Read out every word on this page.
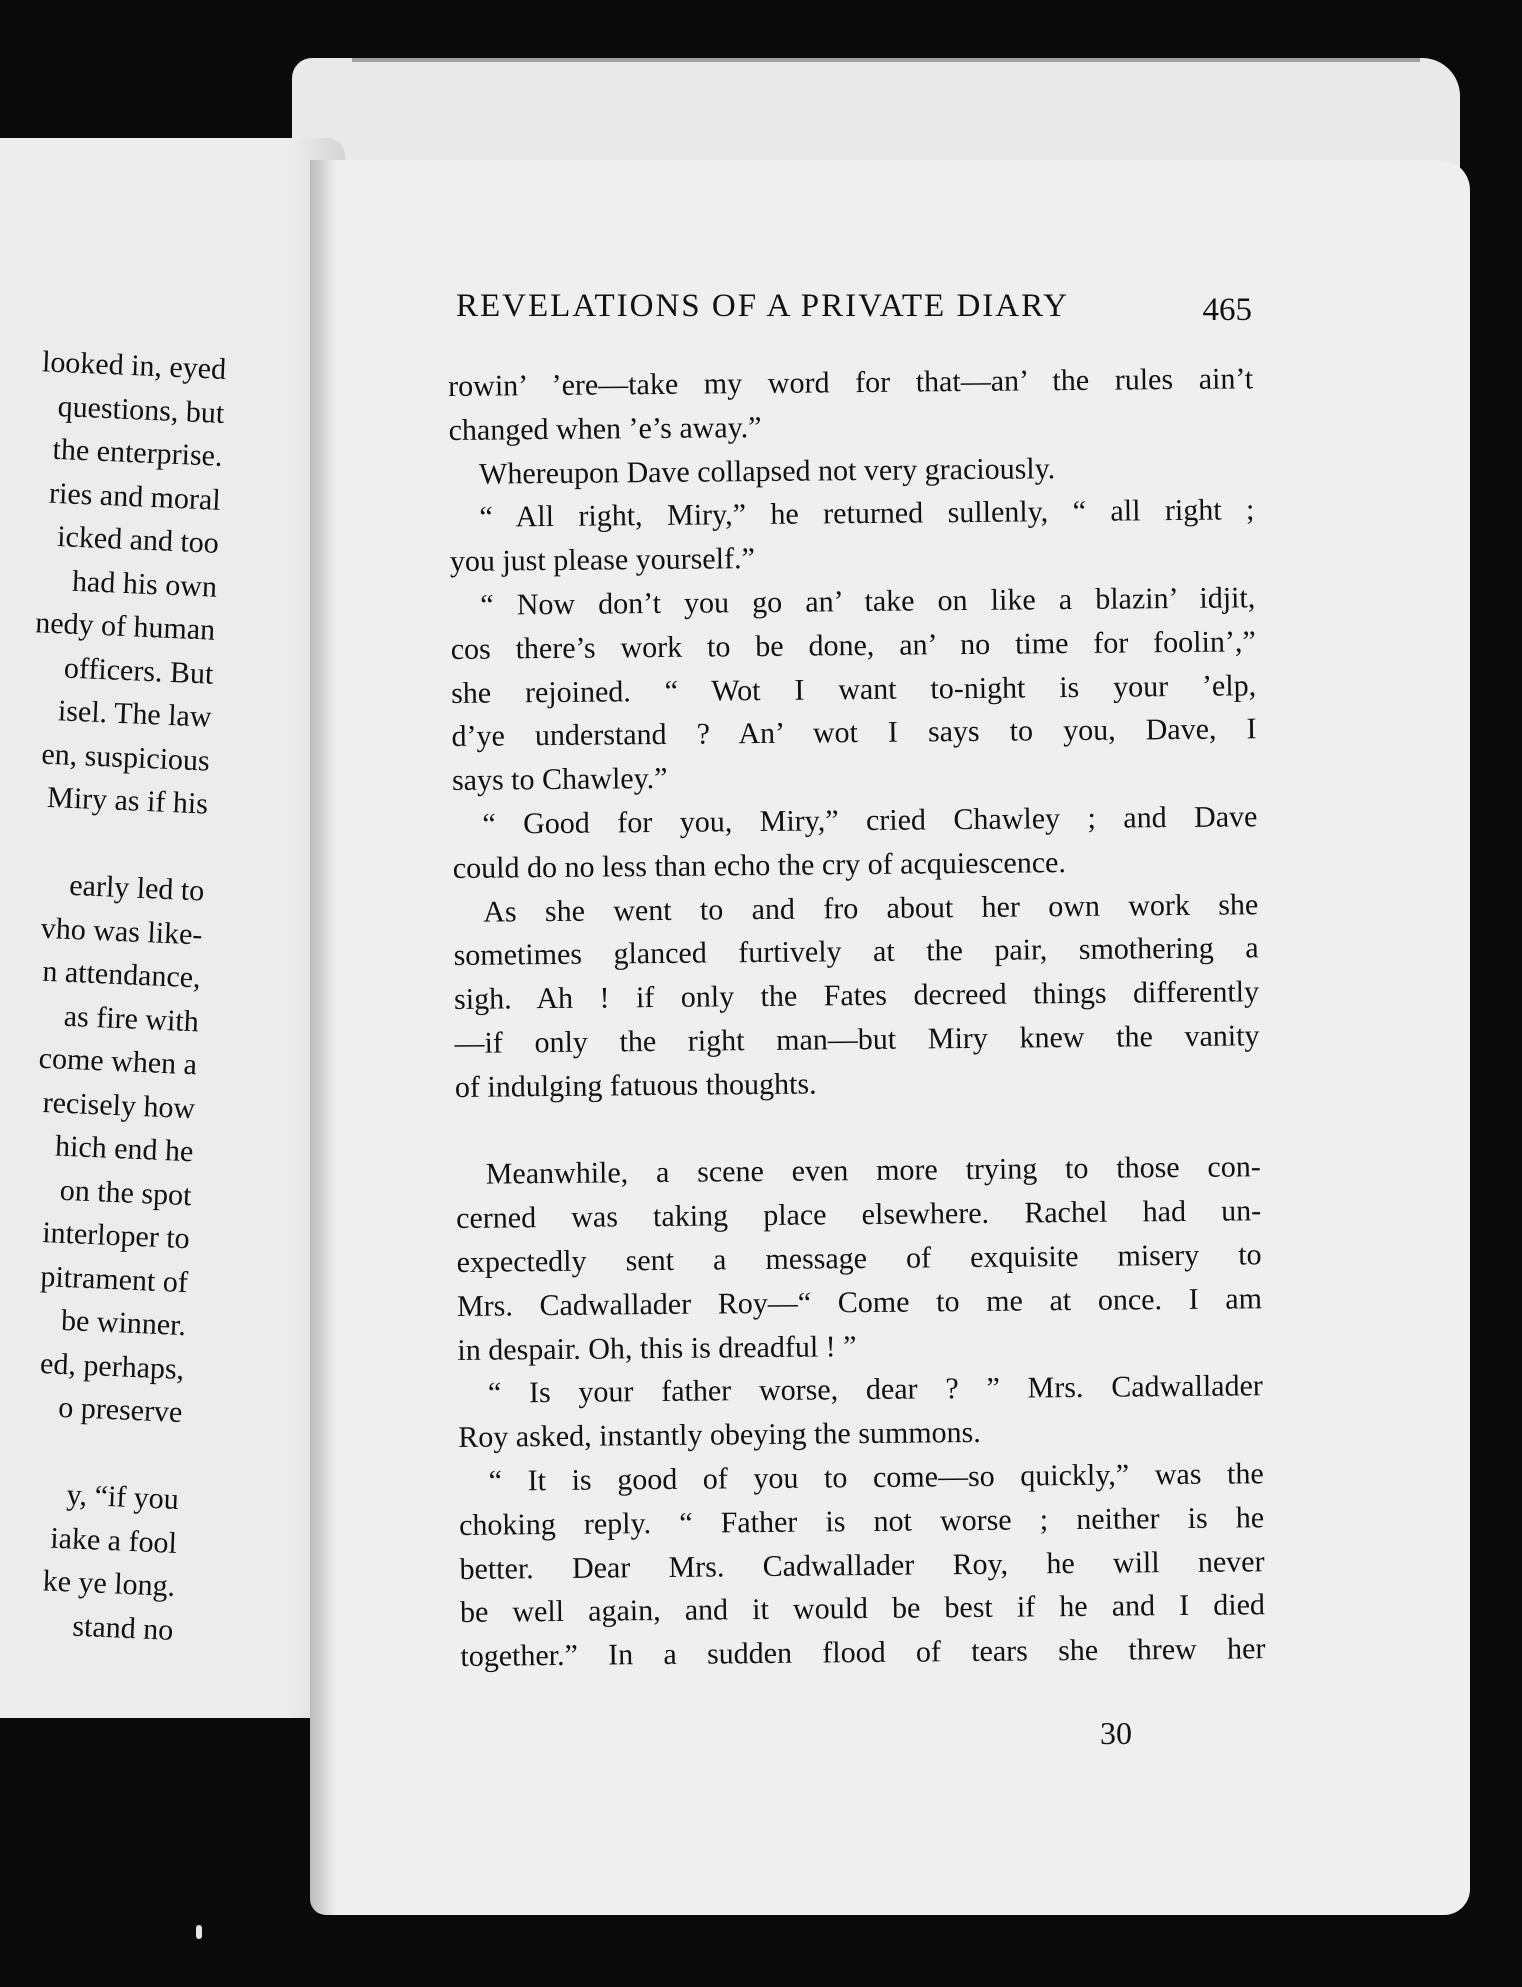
looked in, eyed
questions, but
the enterprise.
ries and moral
icked and too
had his own
nedy of human
officers. But
isel. The law
en, suspicious
Miry as if his
early led to
vho was like-
n attendance,
as fire with
come when a
recisely how
hich end he
on the spot
interloper to
pitrament of
be winner.
ed, perhaps,
o preserve
y, “if you
iake a fool
ke ye long.
stand no
REVELATIONS OF A PRIVATE DIARY	465
rowin’ ’ere—take my word for that—an’ the rules ain’t
changed when ’e’s away.”
Whereupon Dave collapsed not very graciously.
“ All right, Miry,” he returned sullenly, “ all right ;
you just please yourself.”
“ Now don’t you go an’ take on like a blazin’ idjit,
cos there’s work to be done, an’ no time for foolin’,”
she rejoined. “ Wot I want to-night is your ’elp,
d’ye understand ? An’ wot I says to you, Dave, I
says to Chawley.”
“ Good for you, Miry,” cried Chawley ; and Dave
could do no less than echo the cry of acquiescence.
As she went to and fro about her own work she
sometimes glanced furtively at the pair, smothering a
sigh. Ah ! if only the Fates decreed things differently
—if only the right man—but Miry knew the vanity
of indulging fatuous thoughts.
Meanwhile, a scene even more trying to those con-
cerned was taking place elsewhere. Rachel had un-
expectedly sent a message of exquisite misery to
Mrs. Cadwallader Roy—“ Come to me at once. I am
in despair. Oh, this is dreadful ! ”
“ Is your father worse, dear ? ” Mrs. Cadwallader
Roy asked, instantly obeying the summons.
“ It is good of you to come—so quickly,” was the
choking reply. “ Father is not worse ; neither is he
better. Dear Mrs. Cadwallader Roy, he will never
be well again, and it would be best if he and I died
together.” In a sudden flood of tears she threw her
30
